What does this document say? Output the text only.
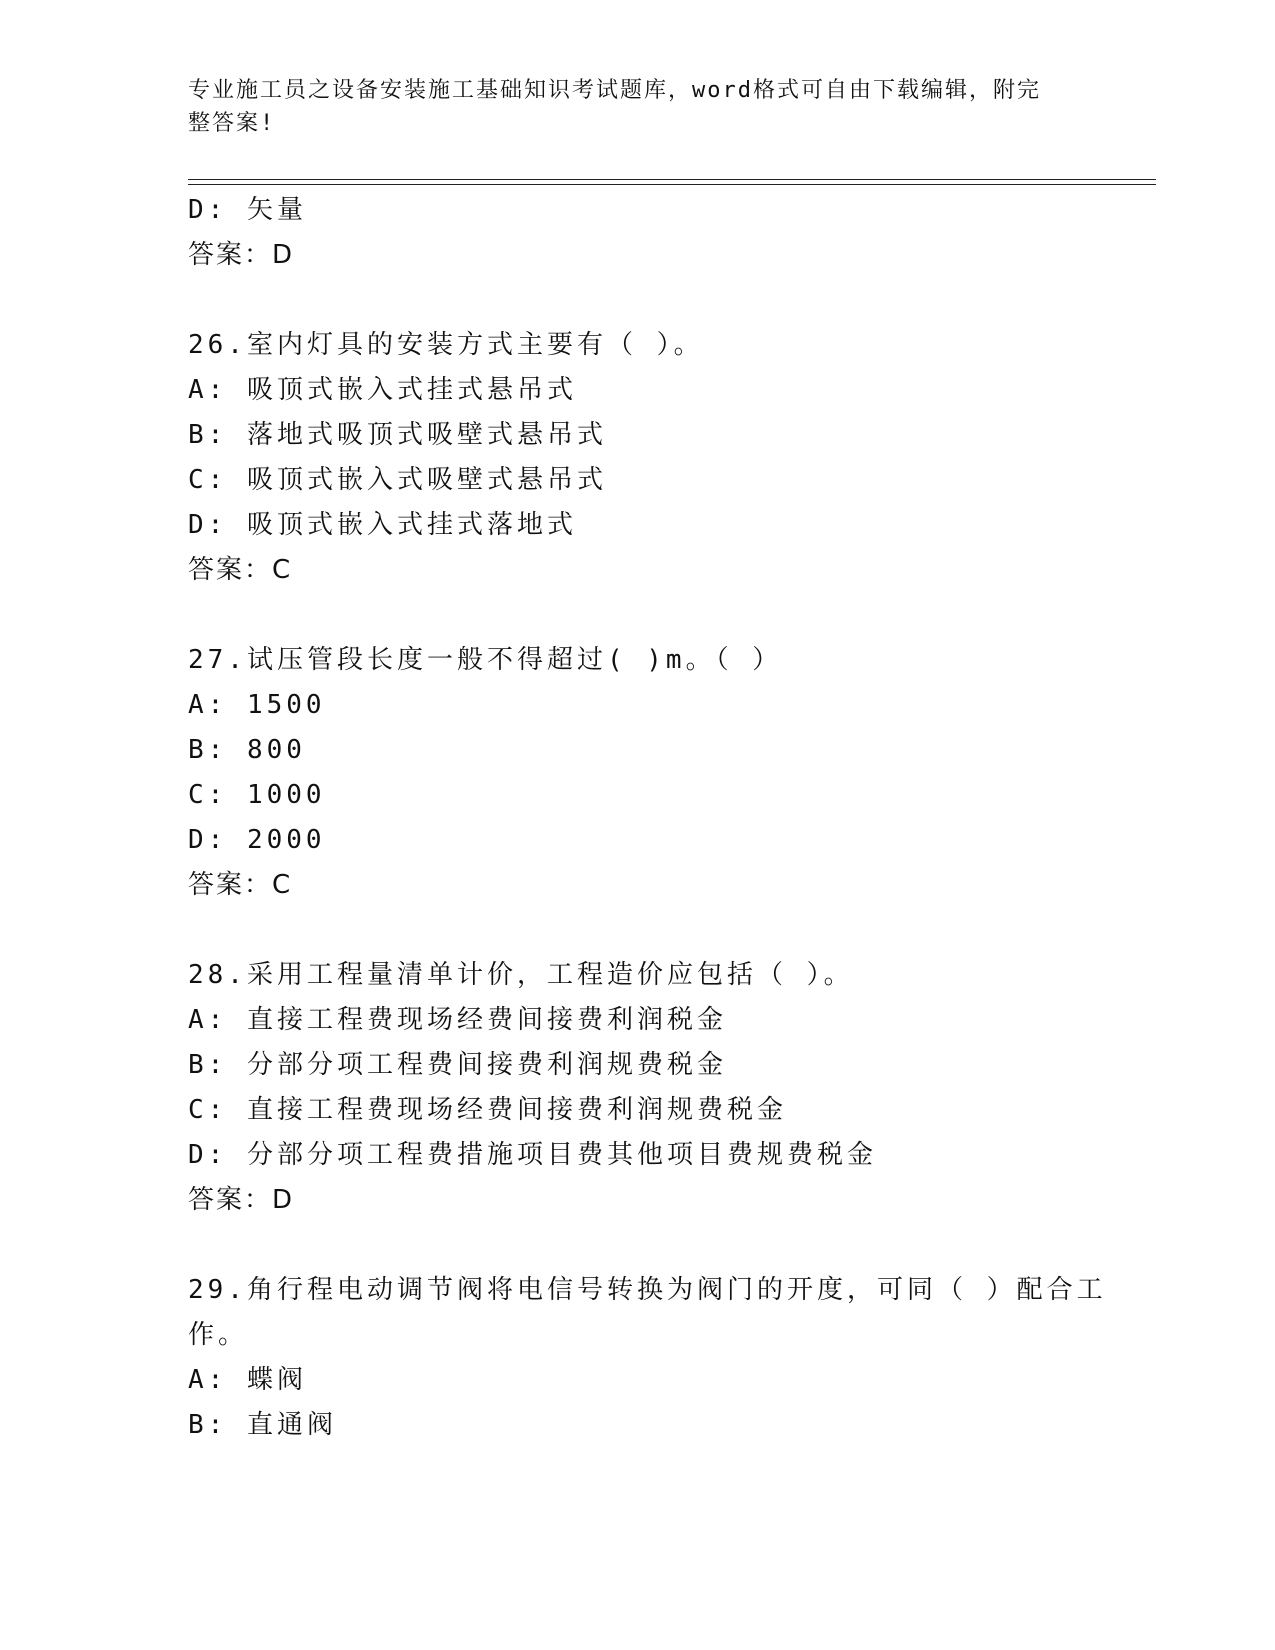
专业施工员之设备安装施工基础知识考试题库，word格式可自由下载编辑，附完
整答案!
D: 矢量
答案：D
26.室内灯具的安装方式主要有（ ）。
A: 吸顶式嵌入式挂式悬吊式
B: 落地式吸顶式吸壁式悬吊式
C: 吸顶式嵌入式吸壁式悬吊式
D: 吸顶式嵌入式挂式落地式
答案：C
27.试压管段长度一般不得超过( )m。（ ）
A: 1500
B: 800
C: 1000
D: 2000
答案：C
28.采用工程量清单计价，工程造价应包括（ ）。
A: 直接工程费现场经费间接费利润税金
B: 分部分项工程费间接费利润规费税金
C: 直接工程费现场经费间接费利润规费税金
D: 分部分项工程费措施项目费其他项目费规费税金
答案：D
29.角行程电动调节阀将电信号转换为阀门的开度，可同（ ）配合工
作。
A: 蝶阀
B: 直通阀
